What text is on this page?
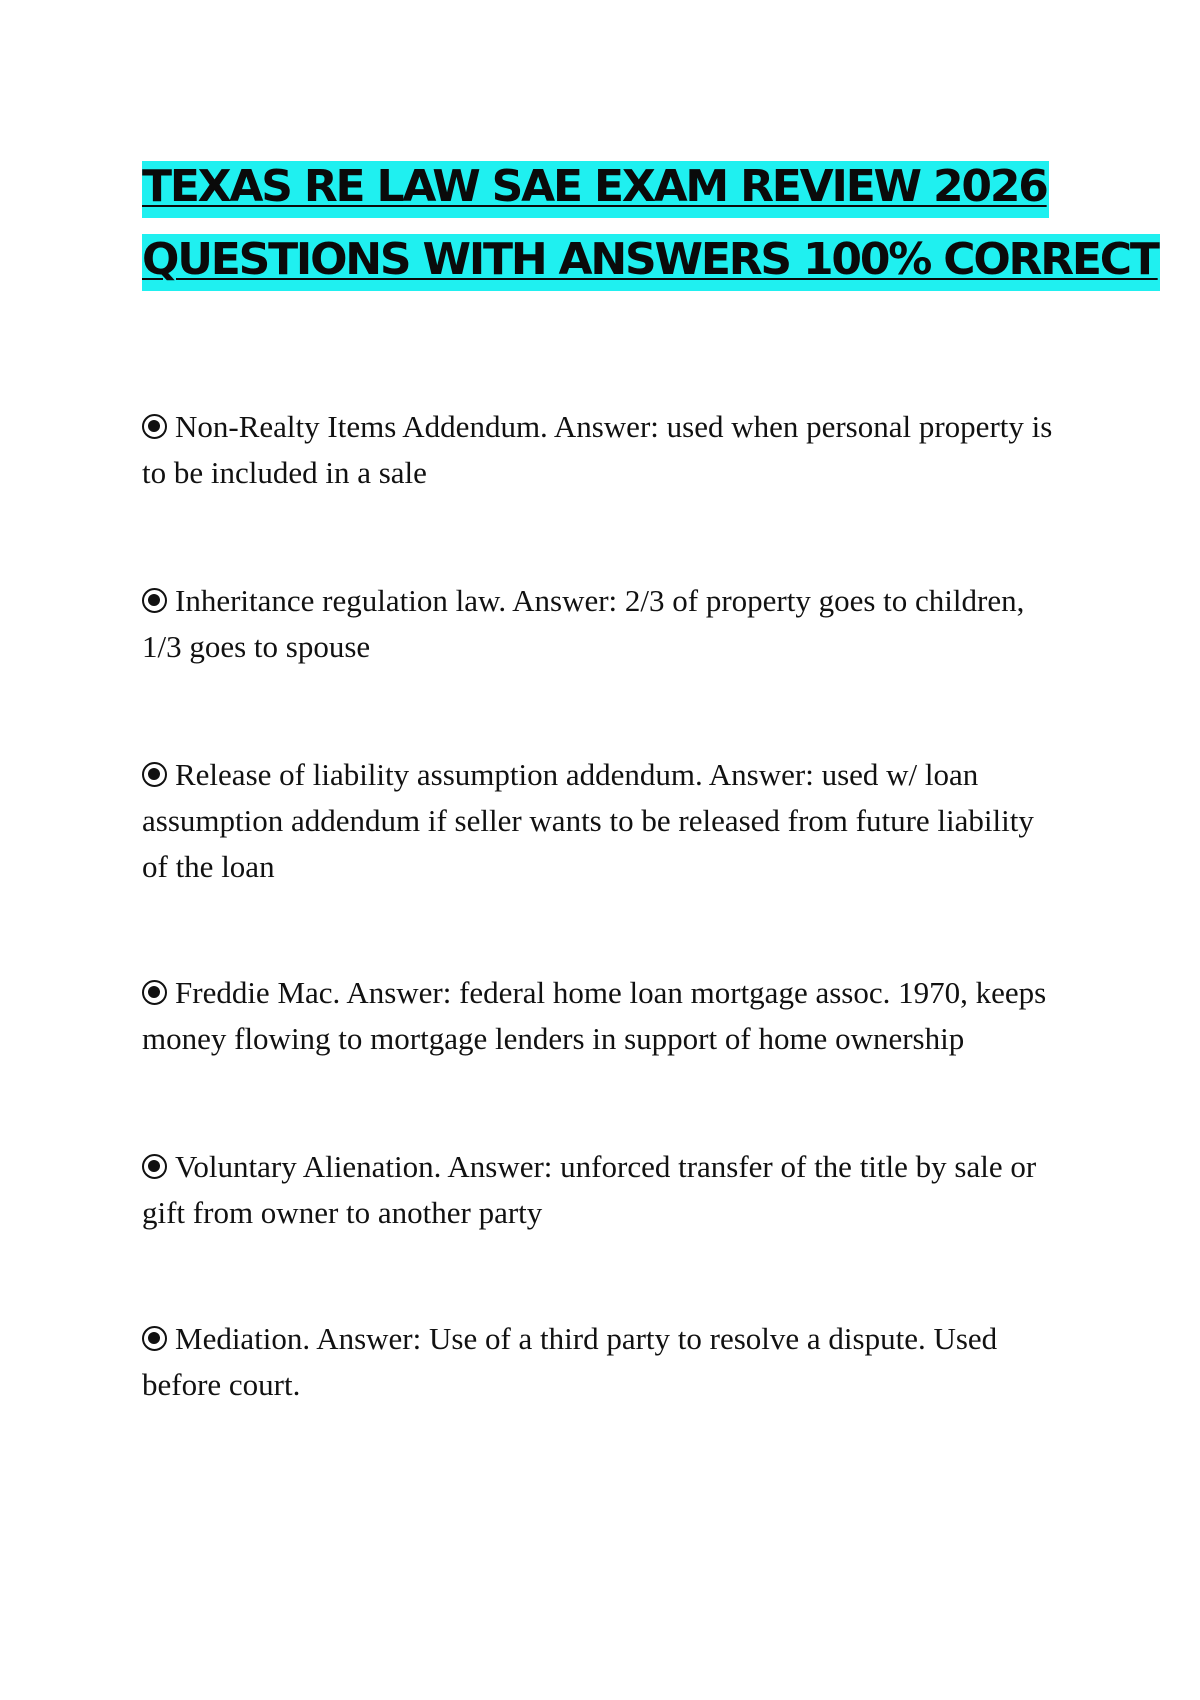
TEXAS RE LAW SAE EXAM REVIEW 2026
QUESTIONS WITH ANSWERS 100% CORRECT

Non-Realty Items Addendum. Answer: used when personal property is to be included in a sale

Inheritance regulation law. Answer: 2/3 of property goes to children, 1/3 goes to spouse

Release of liability assumption addendum. Answer: used w/ loan assumption addendum if seller wants to be released from future liability of the loan

Freddie Mac. Answer: federal home loan mortgage assoc. 1970, keeps money flowing to mortgage lenders in support of home ownership

Voluntary Alienation. Answer: unforced transfer of the title by sale or gift from owner to another party

Mediation. Answer: Use of a third party to resolve a dispute. Used before court.
